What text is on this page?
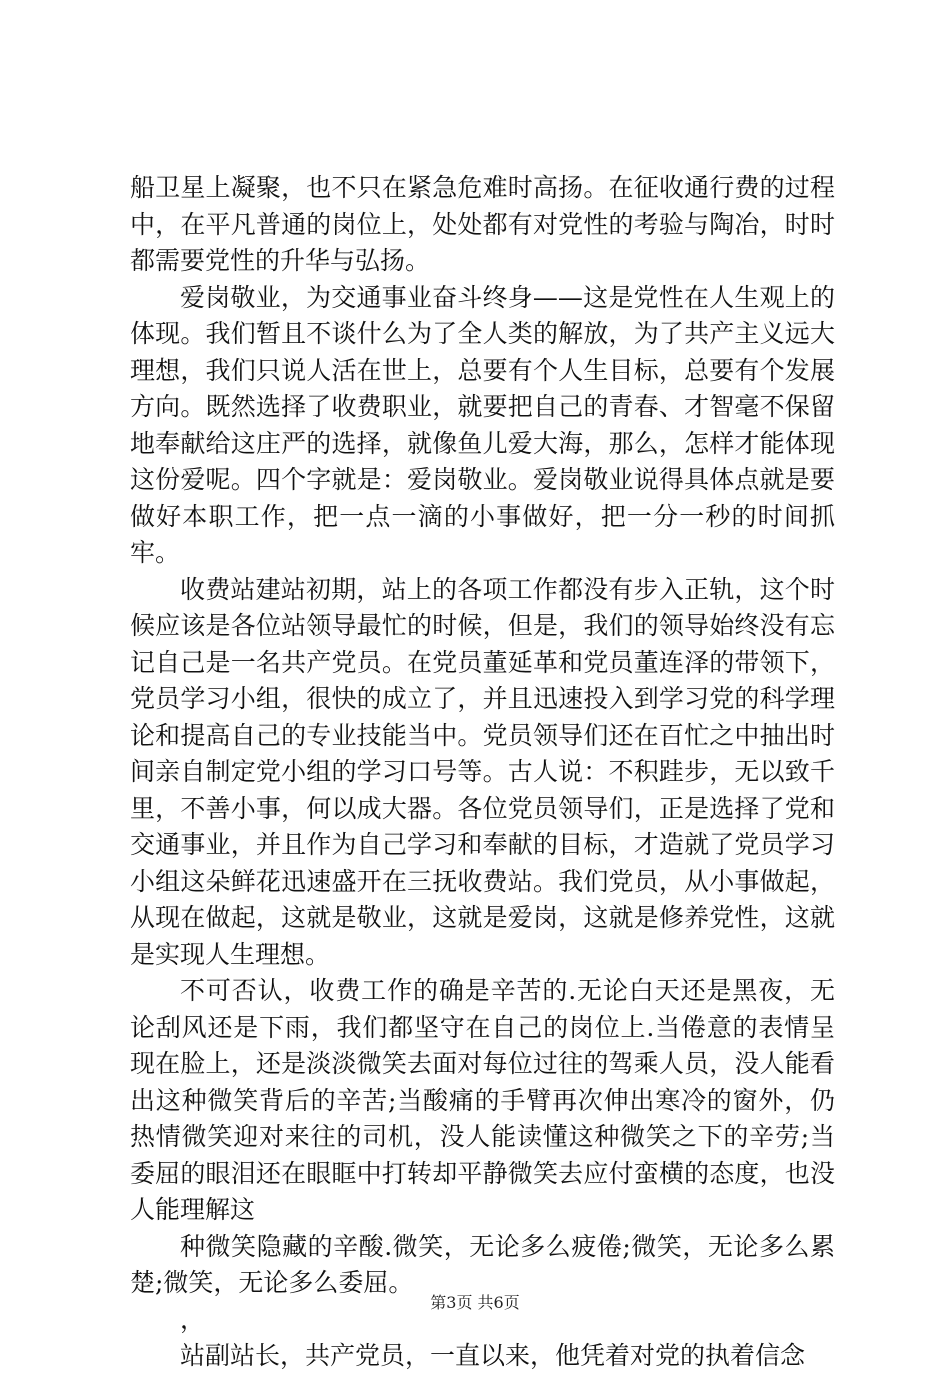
船卫星上凝聚，也不只在紧急危难时高扬。在征收通行费的过程中，在平凡普通的岗位上，处处都有对党性的考验与陶冶，时时都需要党性的升华与弘扬。

爱岗敬业，为交通事业奋斗终身——这是党性在人生观上的体现。我们暂且不谈什么为了全人类的解放，为了共产主义远大理想，我们只说人活在世上，总要有个人生目标，总要有个发展方向。既然选择了收费职业，就要把自己的青春、才智毫不保留地奉献给这庄严的选择，就像鱼儿爱大海，那么，怎样才能体现这份爱呢。四个字就是：爱岗敬业。爱岗敬业说得具体点就是要做好本职工作，把一点一滴的小事做好，把一分一秒的时间抓牢。

收费站建站初期，站上的各项工作都没有步入正轨，这个时候应该是各位站领导最忙的时候，但是，我们的领导始终没有忘记自己是一名共产党员。在党员董延革和党员董连泽的带领下，党员学习小组，很快的成立了，并且迅速投入到学习党的科学理论和提高自己的专业技能当中。党员领导们还在百忙之中抽出时间亲自制定党小组的学习口号等。古人说：不积跬步，无以致千里，不善小事，何以成大器。各位党员领导们，正是选择了党和交通事业，并且作为自己学习和奉献的目标，才造就了党员学习小组这朵鲜花迅速盛开在三抚收费站。我们党员，从小事做起，从现在做起，这就是敬业，这就是爱岗，这就是修养党性，这就是实现人生理想。

不可否认，收费工作的确是辛苦的.无论白天还是黑夜，无论刮风还是下雨，我们都坚守在自己的岗位上.当倦意的表情呈现在脸上，还是淡淡微笑去面对每位过往的驾乘人员，没人能看出这种微笑背后的辛苦;当酸痛的手臂再次伸出寒冷的窗外，仍热情微笑迎对来往的司机，没人能读懂这种微笑之下的辛劳;当委屈的眼泪还在眼眶中打转却平静微笑去应付蛮横的态度，也没人能理解这

种微笑隐藏的辛酸.微笑，无论多么疲倦;微笑，无论多么累楚;微笑，无论多么委屈。

，

站副站长，共产党员，一直以来，他凭着对党的执着信念

第3页 共6页
